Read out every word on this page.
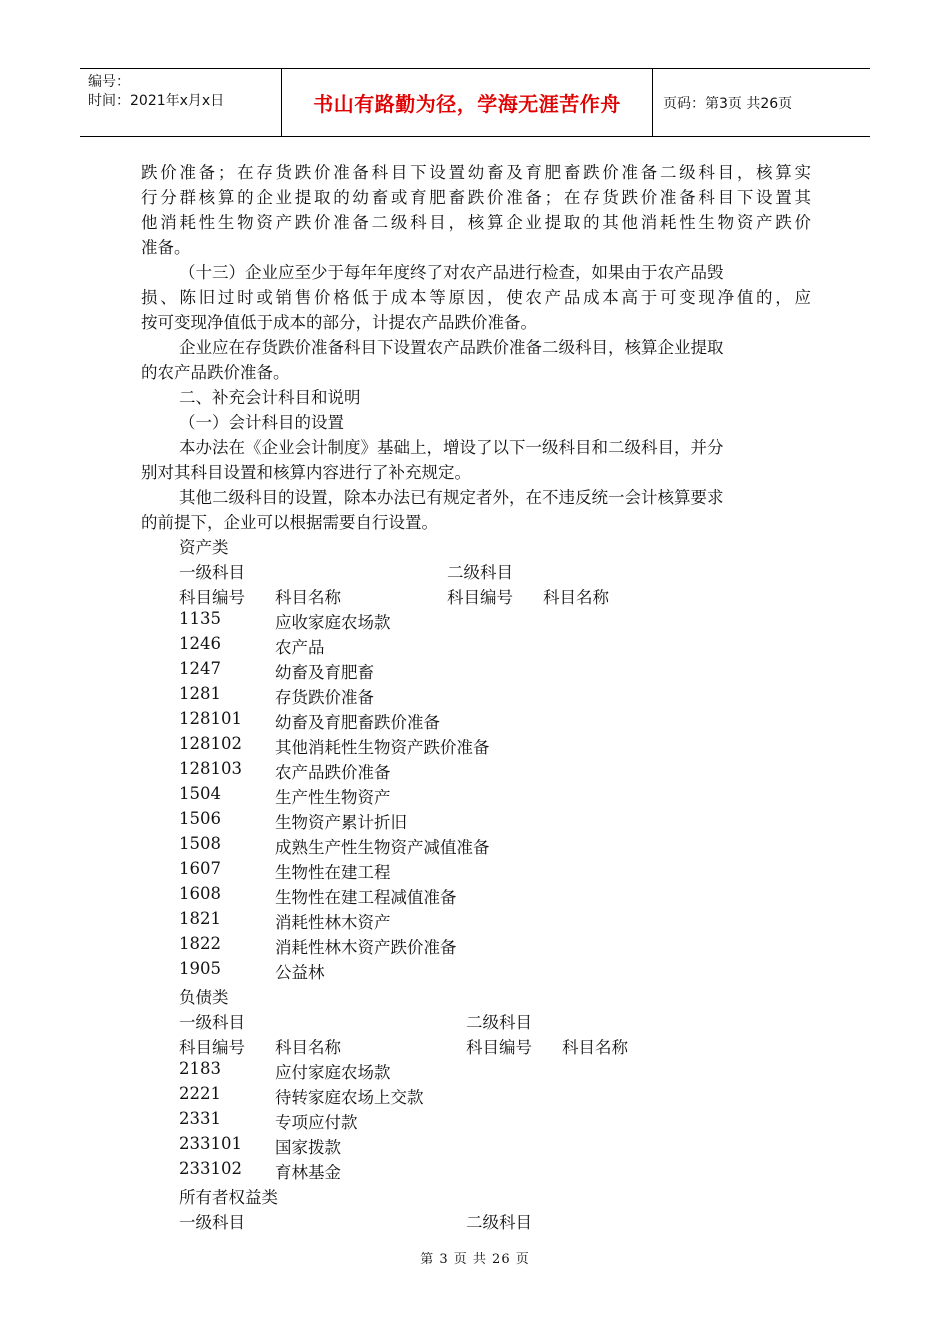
编号：
时间：2021年x月x日	书山有路勤为径，学海无涯苦作舟	页码：第3页 共26页
跌价准备；在存货跌价准备科目下设置幼畜及育肥畜跌价准备二级科目，核算实
行分群核算的企业提取的幼畜或育肥畜跌价准备；在存货跌价准备科目下设置其
他消耗性生物资产跌价准备二级科目，核算企业提取的其他消耗性生物资产跌价
准备。
（十三）企业应至少于每年年度终了对农产品进行检查，如果由于农产品毁
损、陈旧过时或销售价格低于成本等原因，使农产品成本高于可变现净值的，应
按可变现净值低于成本的部分，计提农产品跌价准备。
企业应在存货跌价准备科目下设置农产品跌价准备二级科目，核算企业提取
的农产品跌价准备。
二、补充会计科目和说明
（一）会计科目的设置
本办法在《企业会计制度》基础上，增设了以下一级科目和二级科目，并分
别对其科目设置和核算内容进行了补充规定。
其他二级科目的设置，除本办法已有规定者外，在不违反统一会计核算要求
的前提下，企业可以根据需要自行设置。
资产类
一级科目	二级科目
科目编号 科目名称	科目编号 科目名称
1135	应收家庭农场款
1246	农产品
1247	幼畜及育肥畜
1281	存货跌价准备
128101 幼畜及育肥畜跌价准备
128102 其他消耗性生物资产跌价准备
128103 农产品跌价准备
1504	生产性生物资产
1506	生物资产累计折旧
1508	成熟生产性生物资产减值准备
1607	生物性在建工程
1608	生物性在建工程减值准备
1821	消耗性林木资产
1822	消耗性林木资产跌价准备
1905	公益林
负债类
一级科目	二级科目
科目编号 科目名称	科目编号 科目名称
2183	应付家庭农场款
2221	待转家庭农场上交款
2331	专项应付款
233101 国家拨款
233102 育林基金
所有者权益类
一级科目	二级科目
第 3 页 共 26 页
